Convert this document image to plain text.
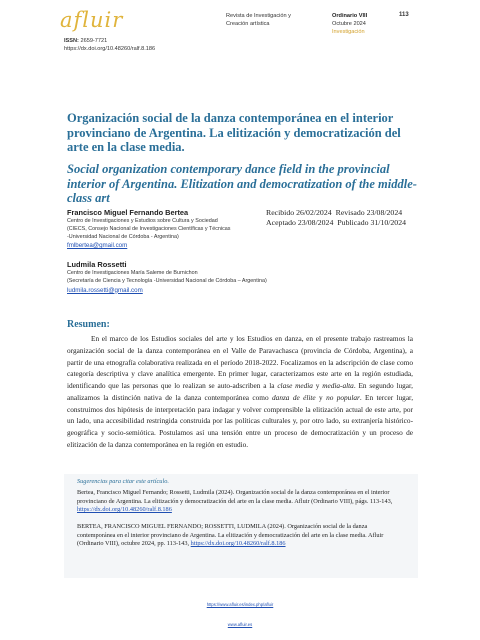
afluir	Revista de Investigación y
Creación artística
Ordinario VIII
Octubre 2024
Investigación
113
ISSN: 2659-7721
https://dx.doi.org/10.48260/ralf.8.186
Organización social de la danza contemporánea en el interior provinciano de Argentina. La elitización y democratización del arte en la clase media.
Social organization contemporary dance field in the provincial interior of Argentina. Elitization and democratization of the middle-class art
Francisco Miguel Fernando Bertea
Centro de Investigaciones y Estudios sobre Cultura y Sociedad
(CIECS, Consejo Nacional de Investigaciones Científicas y Técnicas
-Universidad Nacional de Córdoba - Argentina)
fmlbertea@gmail.com
Recibido 26/02/2024 Revisado 23/08/2024
Aceptado 23/08/2024 Publicado 31/10/2024
Ludmila Rossetti
Centro de Investigaciones María Saleme de Burnichon
(Secretaría de Ciencia y Tecnología -Universidad Nacional de Córdoba – Argentina)
ludmila.rossetti@gmail.com
Resumen:
En el marco de los Estudios sociales del arte y los Estudios en danza, en el presente trabajo rastreamos la organización social de la danza contemporánea en el Valle de Paravachasca (provincia de Córdoba, Argentina), a partir de una etnografía colaborativa realizada en el período 2018-2022. Focalizamos en la adscripción de clase como categoría descriptiva y clave analítica emergente. En primer lugar, caracterizamos este arte en la región estudiada, identificando que las personas que lo realizan se auto-adscriben a la clase media y media-alta. En segundo lugar, analizamos la distinción nativa de la danza contemporánea como danza de élite y no popular. En tercer lugar, construimos dos hipótesis de interpretación para indagar y volver comprensible la elitización actual de este arte, por un lado, una accesibilidad restringida construida por las políticas culturales y, por otro lado, su extranjería histórico-geográfica y socio-semiótica. Postulamos así una tensión entre un proceso de democratización y un proceso de elitización de la danza contemporánea en la región en estudio.
Sugerencias para citar este artículo.
Bertea, Francisco Miguel Fernando; Rossetti, Ludmila (2024). Organización social de la danza contemporánea en el interior provinciano de Argentina. La elitización y democratización del arte en la clase media. Afluir (Ordinario VIII), págs. 113-143, https://dx.doi.org/10.48260/ralf.8.186
BERTEA, FRANCISCO MIGUEL FERNANDO; ROSSETTI, LUDMILA (2024). Organización social de la danza contemporánea en el interior provinciano de Argentina. La elitización y democratización del arte en la clase media. Afluir (Ordinario VIII), octubre 2024, pp. 113-143, https://dx.doi.org/10.48260/ralf.8.186
https://www.afluir.es/index.php/afluir
www.afluir.es
